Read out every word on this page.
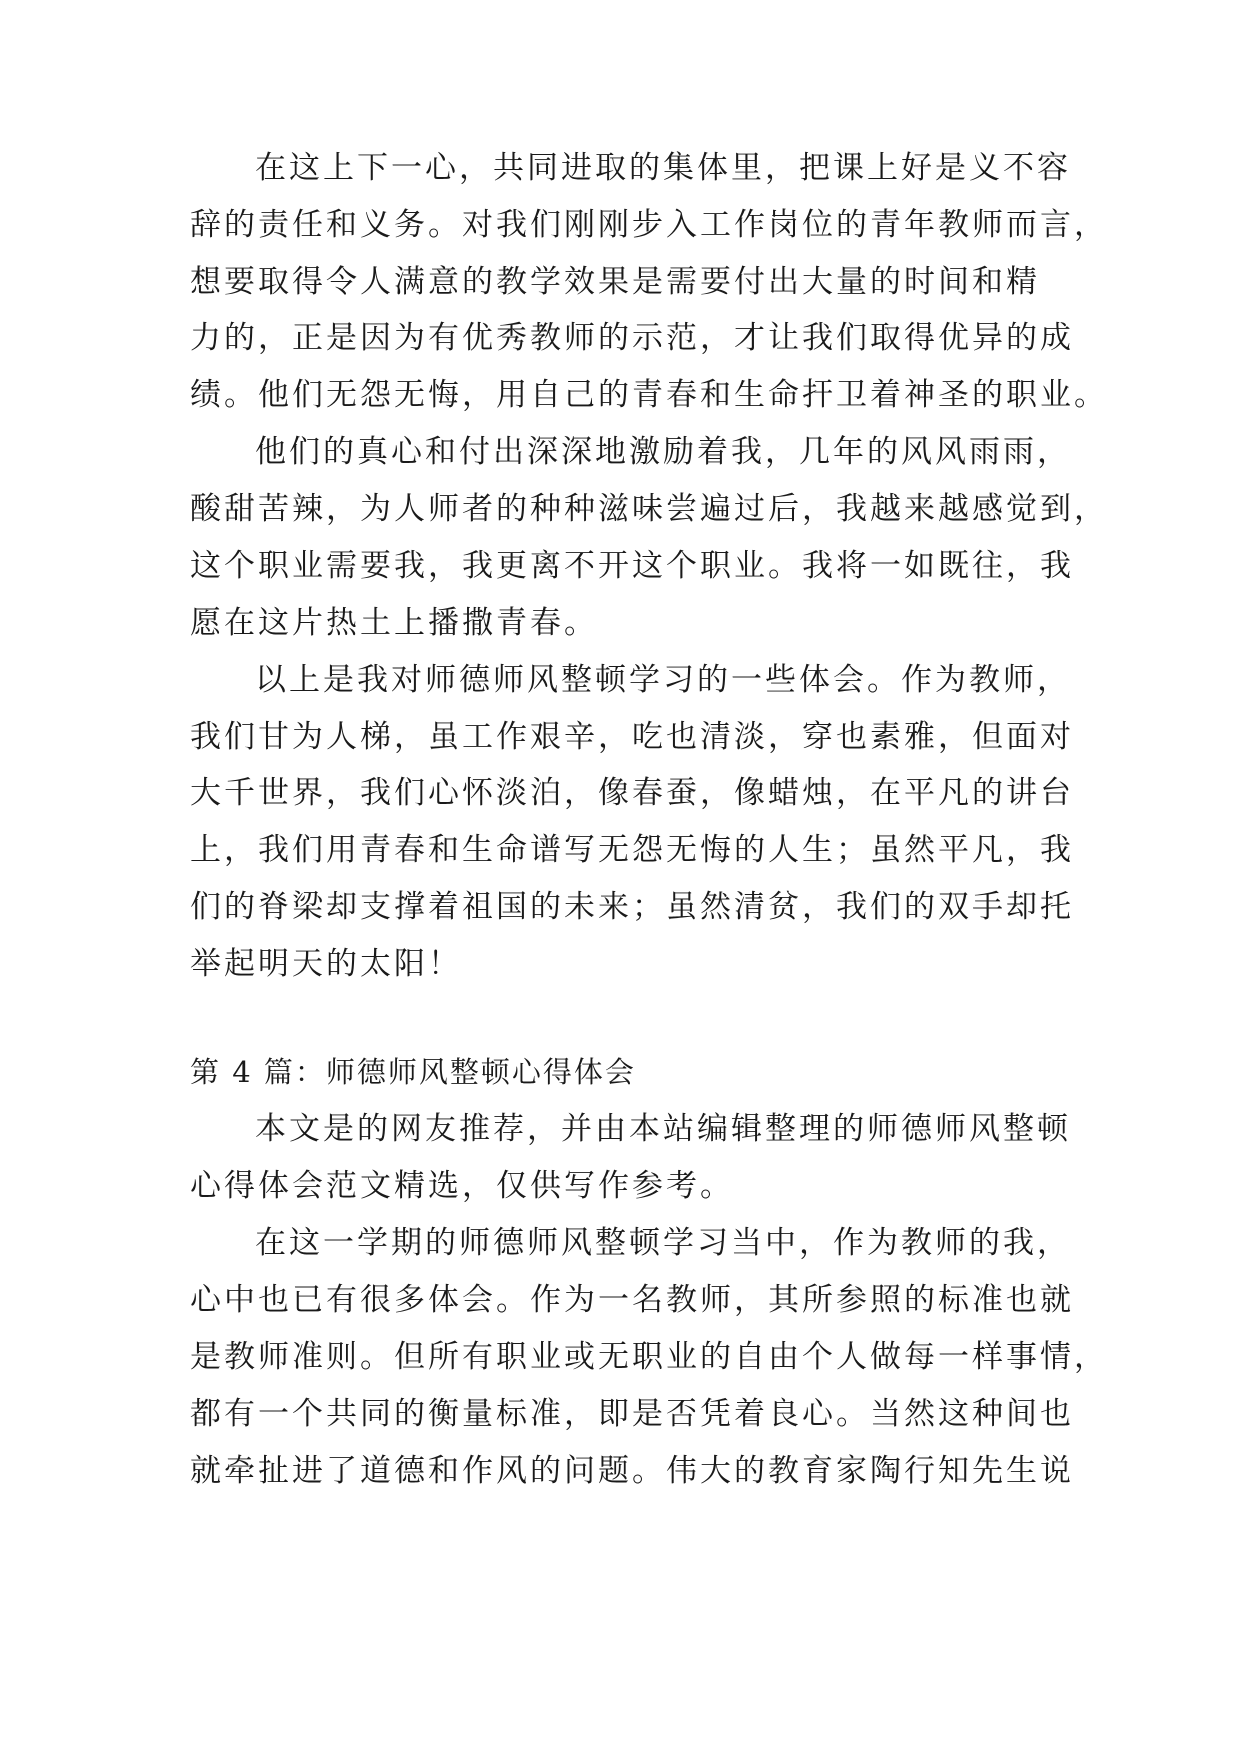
在这上下一心，共同进取的集体里，把课上好是义不容
辞的责任和义务。对我们刚刚步入工作岗位的青年教师而言，
想要取得令人满意的教学效果是需要付出大量的时间和精
力的，正是因为有优秀教师的示范，才让我们取得优异的成
绩。他们无怨无悔，用自己的青春和生命扞卫着神圣的职业。
他们的真心和付出深深地激励着我，几年的风风雨雨，
酸甜苦辣，为人师者的种种滋味尝遍过后，我越来越感觉到，
这个职业需要我，我更离不开这个职业。我将一如既往，我
愿在这片热土上播撒青春。
以上是我对师德师风整顿学习的一些体会。作为教师，
我们甘为人梯，虽工作艰辛，吃也清淡，穿也素雅，但面对
大千世界，我们心怀淡泊，像春蚕，像蜡烛，在平凡的讲台
上，我们用青春和生命谱写无怨无悔的人生；虽然平凡，我
们的脊梁却支撑着祖国的未来；虽然清贫，我们的双手却托
举起明天的太阳！
第 4 篇：师德师风整顿心得体会
本文是的网友推荐，并由本站编辑整理的师德师风整顿
心得体会范文精选，仅供写作参考。
在这一学期的师德师风整顿学习当中，作为教师的我，
心中也已有很多体会。作为一名教师，其所参照的标准也就
是教师准则。但所有职业或无职业的自由个人做每一样事情，
都有一个共同的衡量标准，即是否凭着良心。当然这种间也
就牵扯进了道德和作风的问题。伟大的教育家陶行知先生说
